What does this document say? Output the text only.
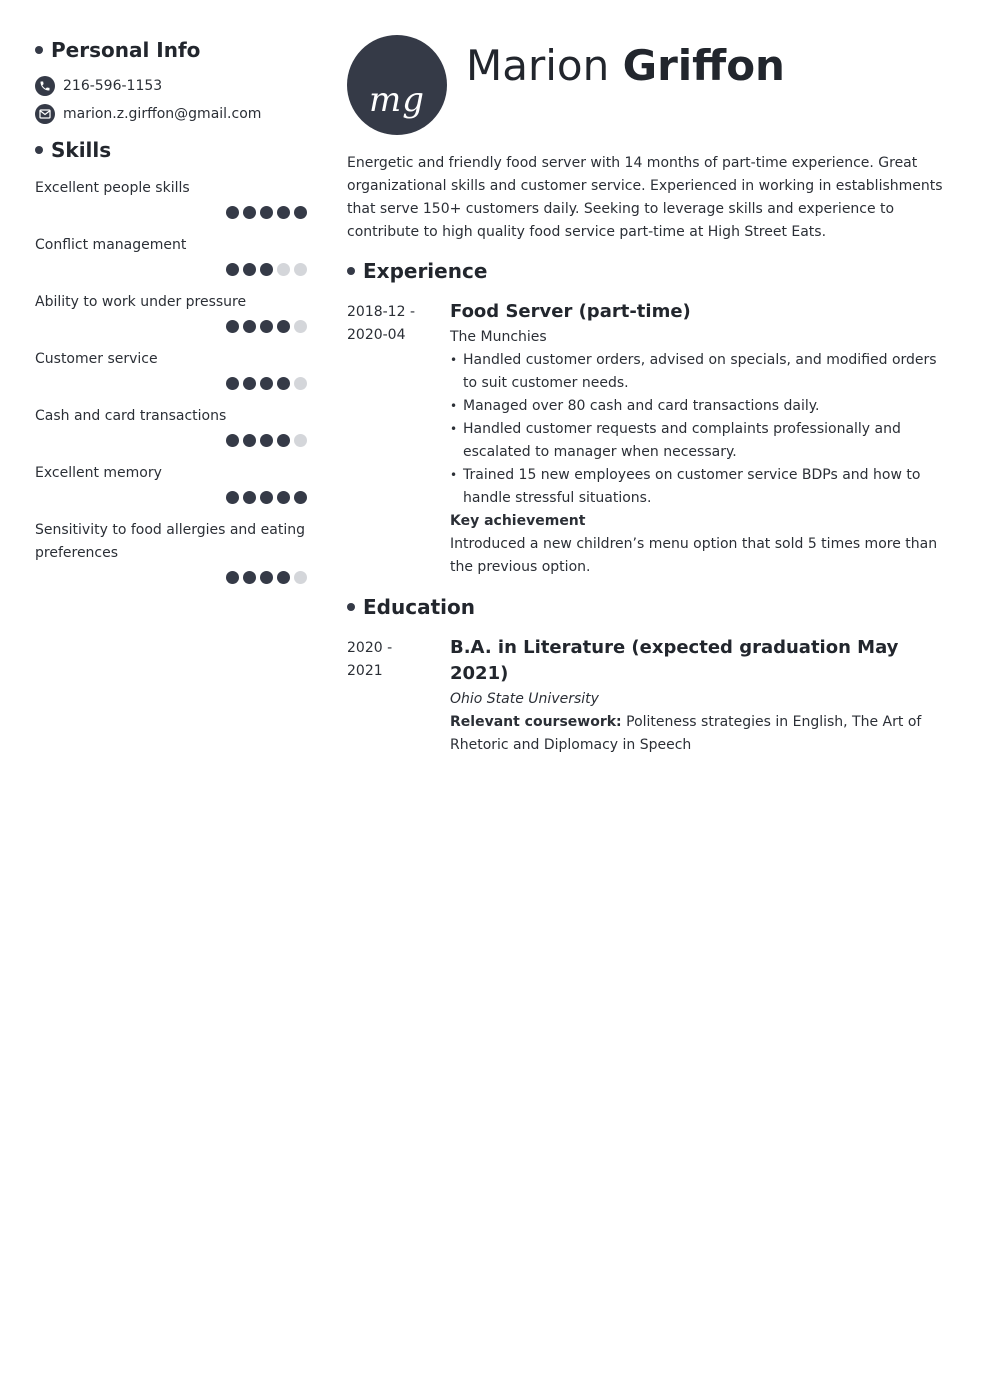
Personal Info
216-596-1153
marion.z.girffon@gmail.com
Skills
Excellent people skills
Conflict management
Ability to work under pressure
Customer service
Cash and card transactions
Excellent memory
Sensitivity to food allergies and eating preferences
mg
Marion Griffon

Energetic and friendly food server with 14 months of part-time experience. Great organizational skills and customer service. Experienced in working in establishments that serve 150+ customers daily. Seeking to leverage skills and experience to contribute to high quality food service part-time at High Street Eats.

Experience
2018-12 -
2020-04
Food Server (part-time)
The Munchies
• Handled customer orders, advised on specials, and modified orders to suit customer needs.
• Managed over 80 cash and card transactions daily.
• Handled customer requests and complaints professionally and escalated to manager when necessary.
• Trained 15 new employees on customer service BDPs and how to handle stressful situations.
Key achievement
Introduced a new children’s menu option that sold 5 times more than the previous option.
Education
2020 -
2021
B.A. in Literature (expected graduation May 2021)
Ohio State University
Relevant coursework: Politeness strategies in English, The Art of Rhetoric and Diplomacy in Speech
